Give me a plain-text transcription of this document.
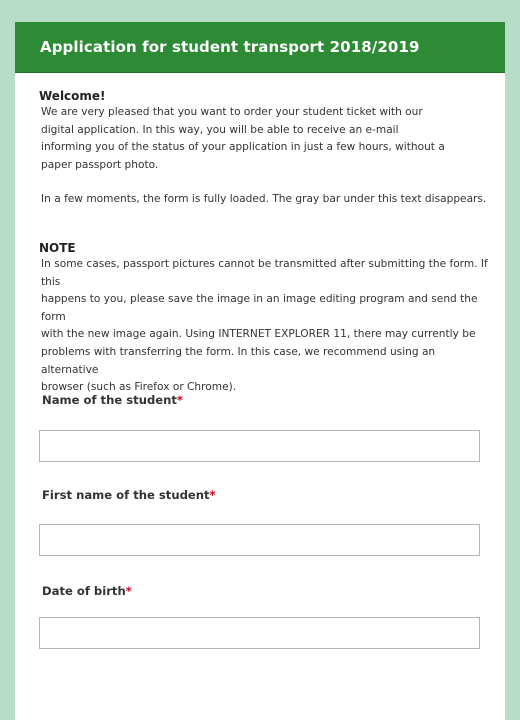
Application for student transport 2018/2019

Welcome!

We are very pleased that you want to order your student ticket with our

digital application. In this way, you will be able to receive an e-mail

informing you of the status of your application in just a few hours, without a

paper passport photo.

In a few moments, the form is fully loaded. The gray bar under this text disappears.

NOTE

In some cases, passport pictures cannot be transmitted after submitting the form. If this

happens to you, please save the image in an image editing program and send the form

with the new image again. Using INTERNET EXPLORER 11, there may currently be

problems with transferring the form. In this case, we recommend using an alternative

browser (such as Firefox or Chrome).

Name of the student*

First name of the student*

Date of birth*
